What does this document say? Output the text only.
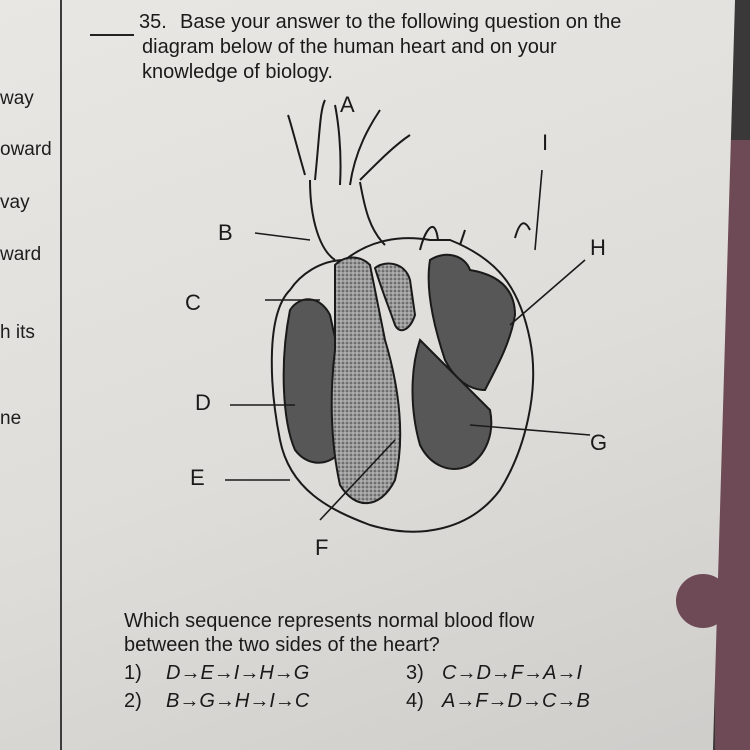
way
oward
vay
ward
h its
ne
35. Base your answer to the following question on the
diagram below of the human heart and on your
knowledge of biology.
A
B
C
D
E
F
G
H
I
Which sequence represents normal blood flow
between the two sides of the heart?
1) D→E→I→H→G	3) C→D→F→A→I
2) B→G→H→I→C	4) A→F→D→C→B
